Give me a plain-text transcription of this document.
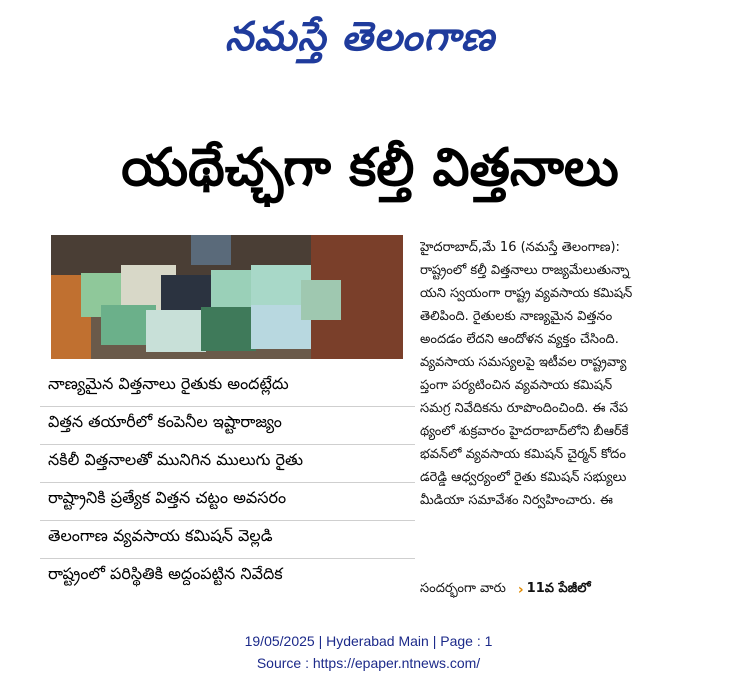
నమస్తే తెలంగాణ
యథేచ్ఛగా కల్తీ విత్తనాలు
నాణ్యమైన విత్తనాలు రైతుకు అందట్లేదు
విత్తన తయారీలో కంపెనీల ఇష్టారాజ్యం
నకిలీ విత్తనాలతో మునిగిన ములుగు రైతు
రాష్ట్రానికి ప్రత్యేక విత్తన చట్టం అవసరం
తెలంగాణ వ్యవసాయ కమిషన్‌ వెల్లడి
రాష్ట్రంలో పరిస్థితికి అద్దంపట్టిన నివేదిక
హైదరాబాద్‌,మే 16 (నమస్తే తెలంగాణ):
రాష్ట్రంలో కల్తీ విత్తనాలు రాజ్యమేలుతున్నా
యని స్వయంగా రాష్ట్ర వ్యవసాయ కమిషన్‌
తెలిపింది. రైతులకు నాణ్యమైన విత్తనం
అందడం లేదని ఆందోళన వ్యక్తం చేసింది.
వ్యవసాయ సమస్యలపై ఇటీవల రాష్ట్రవ్యా
ప్తంగా పర్యటించిన వ్యవసాయ కమిషన్‌
సమగ్ర నివేదికను రూపొందించింది. ఈ నేప
థ్యంలో శుక్రవారం హైదరాబాద్‌లోని బీఆర్‌కే
భవన్‌లో వ్యవసాయ కమిషన్‌ చైర్మన్‌ కోదం
డరెడ్డి ఆధ్వర్యంలో రైతు కమిషన్‌ సభ్యులు
మీడియా సమావేశం నిర్వహించారు. ఈ
సందర్భంగా వారు › 11వ పేజీలో
19/05/2025 | Hyderabad Main | Page : 1
Source : https://epaper.ntnews.com/
